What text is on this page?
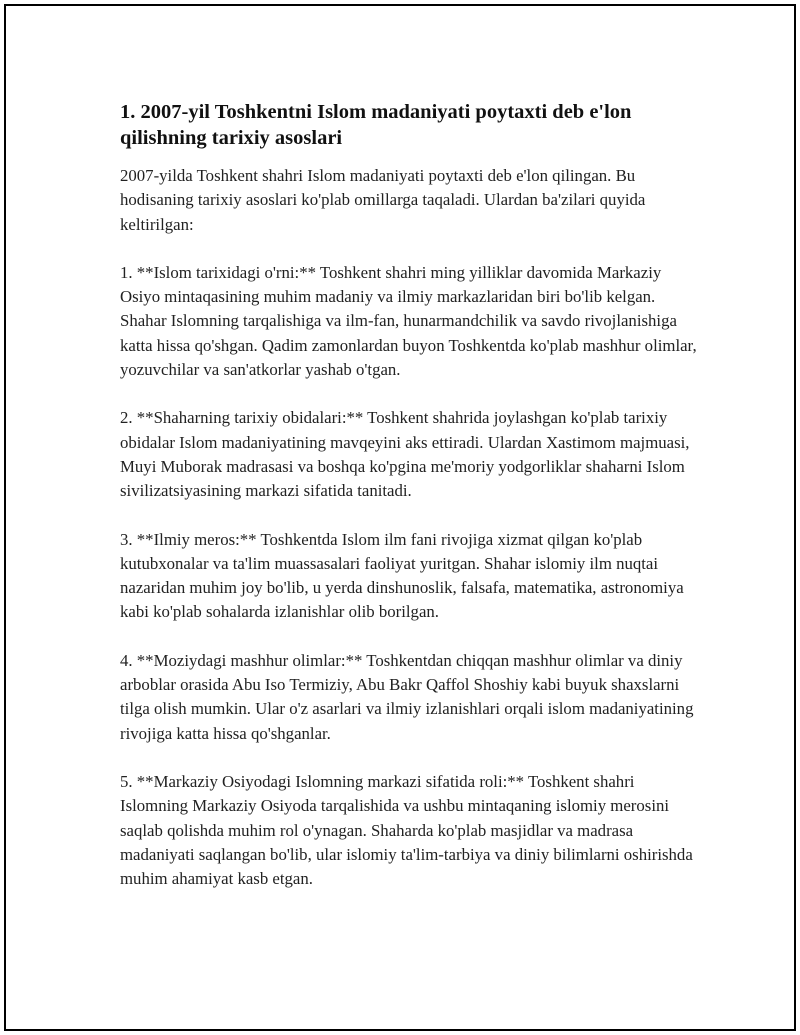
1. 2007-yil Toshkentni Islom madaniyati poytaxti deb e'lon qilishning tarixiy asoslari

2007-yilda Toshkent shahri Islom madaniyati poytaxti deb e'lon qilingan. Bu hodisaning tarixiy asoslari ko'plab omillarga taqaladi. Ulardan ba'zilari quyida keltirilgan:

1. **Islom tarixidagi o'rni:** Toshkent shahri ming yilliklar davomida Markaziy Osiyo mintaqasining muhim madaniy va ilmiy markazlaridan biri bo'lib kelgan. Shahar Islomning tarqalishiga va ilm-fan, hunarmandchilik va savdo rivojlanishiga katta hissa qo'shgan. Qadim zamonlardan buyon Toshkentda ko'plab mashhur olimlar, yozuvchilar va san'atkorlar yashab o'tgan.

2. **Shaharning tarixiy obidalari:** Toshkent shahrida joylashgan ko'plab tarixiy obidalar Islom madaniyatining mavqeyini aks ettiradi. Ulardan Xastimom majmuasi, Muyi Muborak madrasasi va boshqa ko'pgina me'moriy yodgorliklar shaharni Islom sivilizatsiyasining markazi sifatida tanitadi.

3. **Ilmiy meros:** Toshkentda Islom ilm fani rivojiga xizmat qilgan ko'plab kutubxonalar va ta'lim muassasalari faoliyat yuritgan. Shahar islomiy ilm nuqtai nazaridan muhim joy bo'lib, u yerda dinshunoslik, falsafa, matematika, astronomiya kabi ko'plab sohalarda izlanishlar olib borilgan.

4. **Moziydagi mashhur olimlar:** Toshkentdan chiqqan mashhur olimlar va diniy arboblar orasida Abu Iso Termiziy, Abu Bakr Qaffol Shoshiy kabi buyuk shaxslarni tilga olish mumkin. Ular o'z asarlari va ilmiy izlanishlari orqali islom madaniyatining rivojiga katta hissa qo'shganlar.

5. **Markaziy Osiyodagi Islomning markazi sifatida roli:** Toshkent shahri Islomning Markaziy Osiyoda tarqalishida va ushbu mintaqaning islomiy merosini saqlab qolishda muhim rol o'ynagan. Shaharda ko'plab masjidlar va madrasa madaniyati saqlangan bo'lib, ular islomiy ta'lim-tarbiya va diniy bilimlarni oshirishda muhim ahamiyat kasb etgan.
